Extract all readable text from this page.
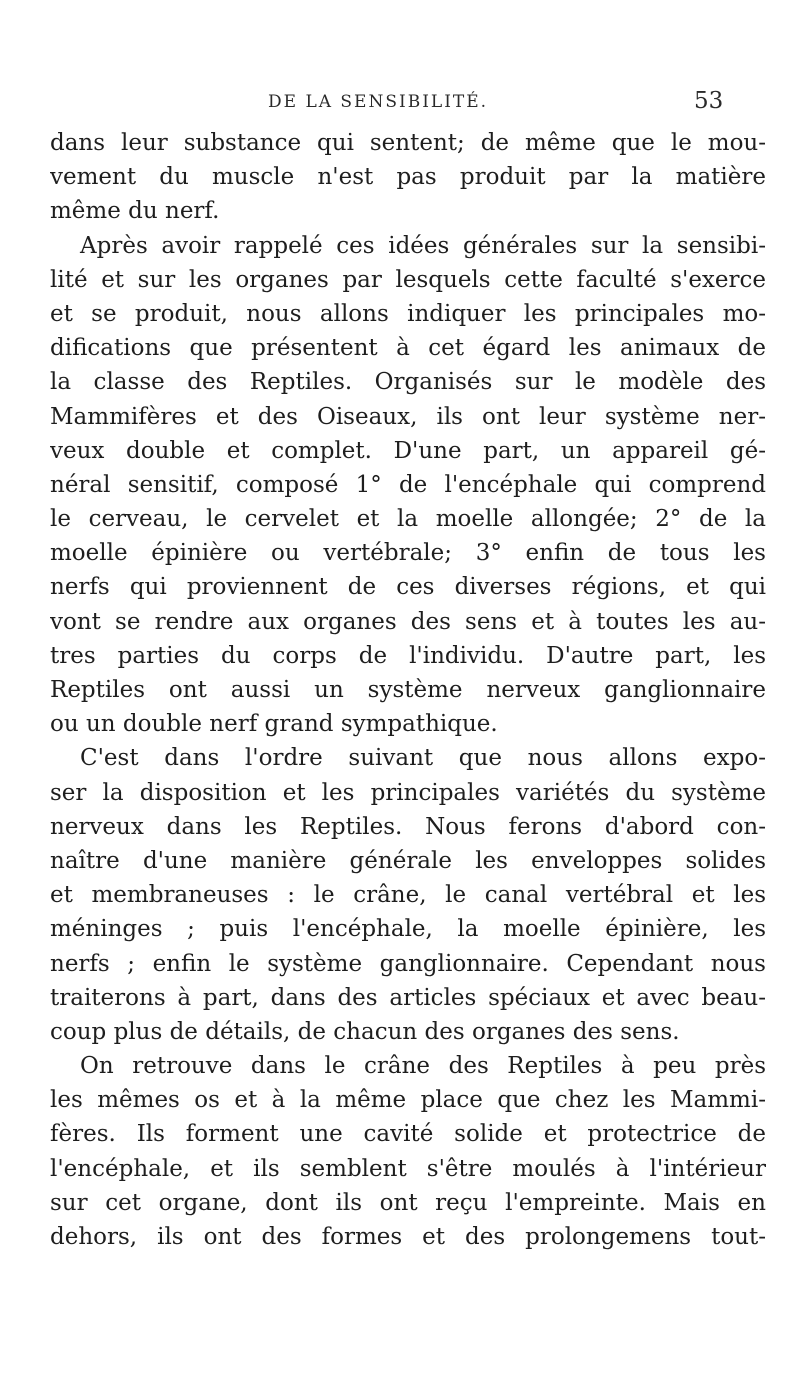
DE LA SENSIBILITÉ.	53
dans leur substance qui sentent; de même que le mou-
vement du muscle n'est pas produit par la matière
même du nerf.
Après avoir rappelé ces idées générales sur la sensibi-
lité et sur les organes par lesquels cette faculté s'exerce
et se produit, nous allons indiquer les principales mo-
difications que présentent à cet égard les animaux de
la classe des Reptiles. Organisés sur le modèle des
Mammifères et des Oiseaux, ils ont leur système ner-
veux double et complet. D'une part, un appareil gé-
néral sensitif, composé 1° de l'encéphale qui comprend
le cerveau, le cervelet et la moelle allongée; 2° de la
moelle épinière ou vertébrale; 3° enfin de tous les
nerfs qui proviennent de ces diverses régions, et qui
vont se rendre aux organes des sens et à toutes les au-
tres parties du corps de l'individu. D'autre part, les
Reptiles ont aussi un système nerveux ganglionnaire
ou un double nerf grand sympathique.
C'est dans l'ordre suivant que nous allons expo-
ser la disposition et les principales variétés du système
nerveux dans les Reptiles. Nous ferons d'abord con-
naître d'une manière générale les enveloppes solides
et membraneuses : le crâne, le canal vertébral et les
méninges ; puis l'encéphale, la moelle épinière, les
nerfs ; enfin le système ganglionnaire. Cependant nous
traiterons à part, dans des articles spéciaux et avec beau-
coup plus de détails, de chacun des organes des sens.
On retrouve dans le crâne des Reptiles à peu près
les mêmes os et à la même place que chez les Mammi-
fères. Ils forment une cavité solide et protectrice de
l'encéphale, et ils semblent s'être moulés à l'intérieur
sur cet organe, dont ils ont reçu l'empreinte. Mais en
dehors, ils ont des formes et des prolongemens tout-
